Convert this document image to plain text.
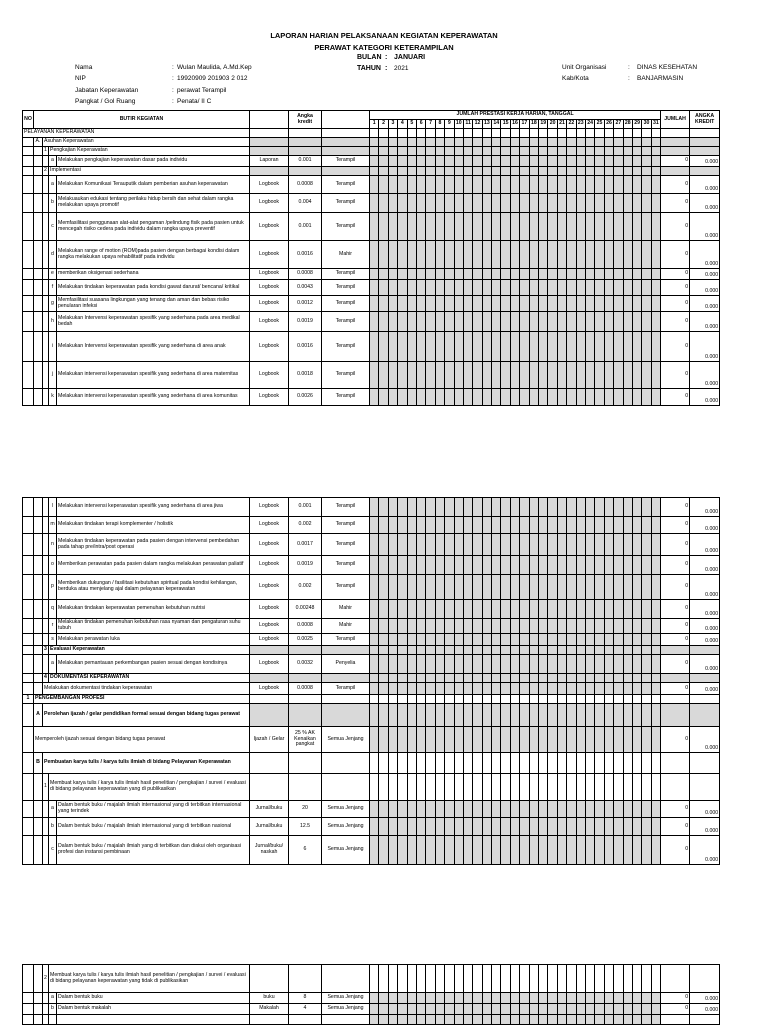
LAPORAN HARIAN PELAKSANAAN KEGIATAN KEPERAWATAN
PERAWAT KATEGORI KETERAMPILAN
BULAN : JANUARI
TAHUN : 2021
Nama	: Wulan Maulida, A.Md.Kep
NIP	: 19920909 201903 2 012
Jabatan Keperawatan	: perawat Terampil
Pangkat / Gol Ruang	: Penata/ II C
Unit Organisasi	: DINAS KESEHATAN
Kab/Kota	: BANJARMASIN
NO	BUTIR KEGIATAN					Angka kredit		JUMLAH PRESTASI KERJA HARIAN, TANGGAL																															JUMLAH	ANGKA KREDIT
								1	2	3	4	5	6	7	8	9	10	11	12	13	14	15	16	17	18	19	20	21	22	23	24	25	26	27	28	29	30	31		
PELAYANAN KEPERAWATAN																																								
	A.	Asuhan Keperawatan																																						
		1	Pengkajian Keperawatan																																					
			a	Melakukan pengkajian keperawatan dasar pada individu	Laporan	0.001	Terampil																																0	0.000
		2	Implementasi																																					
			a	Melakukan Komunikasi Terauputik dalam pemberian asuhan keperawatan	Logbook	0.0008	Terampil																																0	0.000
			b	Melakuaukan edukasi tentang perilaku hidup bersih dan sehat dalam rangka melakukan upaya promotif	Logbook	0.004	Terampil																																0	0.000
			c	Memfasilitasi penggunaan alat-alat pengaman /pelindung fisik pada pasien untuk mencegah risiko cedera pada individu dalam rangka upaya preventif	Logbook	0.001	Terampil																																0	0.000
			d	Melakukan range of motion (ROM)pada pasien dengan berbagai kondisi dalam rangka melakukan upaya rehabilitatif pada individu	Logbook	0.0016	Mahir																																0	0.000
			e	memberikan oksigenasi sederhana	Logbook	0.0008	Terampil																																0	0.000
			f	Melakukan tindakan keperawatan pada kondisi gawat darurat/ bencana/ kritikal	Logbook	0.0043	Terampil																																0	0.000
			g	Memfasilitasi suasana lingkungan yang tenang dan aman dan bebas risiko penularan infeksi	Logbook	0.0012	Terampil																																0	0.000
			h	Melakukan Intervensi keperawatan spesifik yang sederhana pada area medikal bedah	Logbook	0.0019	Terampil																																0	0.000
			i	Melakukan Intervensi keperawatan spesifik yang sederhana di area anak	Logbook	0.0016	Terampil																																0	0.000
			j	Melakukan intervensi keperawatan spesifik yang sederhana di area maternitas	Logbook	0.0018	Terampil																																0	0.000
			k	Melakukan intervensi keperawatan spesifik yang sederhana di area komunitas	Logbook	0.0026	Terampil																																0	0.000
			l	Melakukan intervensi keperawatan spesifik yang sederhana di area jiwa	Logbook	0.001	Terampil																																0	0.000
			m	Melakukan tindakan terapi komplementer / holistik	Logbook	0.002	Terampil																																0	0.000
			n	Melakukan tindakan keperawatan pada pasien dengan intervensi pembedahan pada tahap pre/intra/post operasi	Logbook	0.0017	Terampil																																0	0.000
			o	Memberikan perawatan pada pasien dalam rangka melakukan perawatan paliatif	Logbook	0.0019	Terampil																																0	0.000
			p	Memberikan dukungan / fasilitasi kebutuhan spiritual pada kondisi kehilangan, berduka atau menjelang ajal dalam pelayanan keperawatan	Logbook	0.002	Terampil																																0	0.000
			q	Melakukan tindakan keperawatan pemenuhan kebutuhan nutrisi	Logbook	0.00248	Mahir																																0	0.000
			r	Melakukan tindakan pemenuhan kebutuhan rasa nyaman dan pengaturan suhu tubuh	Logbook	0.0008	Mahir																																0	0.000
			s	Melakukan perawatan luka	Logbook	0.0025	Terampil																																0	0.000
		3	Evaluasi Keperawatan																																					
			a	Melakukan pemantauan perkembangan pasien sesuai dengan kondisinya	Logbook	0.0032	Penyelia																																0	0.000
		4	DOKUMENTASI KEPERAWATAN																																					
		Melakukan dokumentasi tindakan keperawatan			Logbook	0.0008	Terampil																																0	0.000
1	PENGEMBANGAN PROFESI																																							
	A	Perolehan ijazah / gelar pendidikan formal sesuai dengan bidang tugas perawat																																						
	Memperoleh ijazah sesuai dengan bidang tugas perawat				Ijazah / Gelar	25 % AK Kenaikan pangkat	Semua Jenjang																																0	0.000
	B	Pembuatan karya tulis / karya tulis ilmiah di bidang Pelayanan Keperawatan																																						
		1	Membuat karya tulis / karya tulis ilmiah hasil penelitian / pengkajian / survei / evaluasi di bidang pelayanan keperawatan yang di publikasikan																																					
			a	Dalam bentuk buku / majalah ilmiah internasional yang di terbitkan internasional yang terindek	Jurnal/buku	20	Semua Jenjang																																0	0.000
			b	Dalam bentuk buku / majalah ilmiah internasional yang di terbitkan nasional	Jurnal/buku	12.5	Semua Jenjang																																0	0.000
			c	Dalam bentuk buku / majalah ilmiah yang di terbitkan dan diakui oleh organisasi profesi dan instansi pembinaan	Jurnal/buku/ naskah	6	Semua Jenjang																																0	0.000
		2	Membuat karya tulis / karya tulis ilmiah hasil penelitian / pengkajian / survei / evaluasi di bidang pelayanan keperawatan yang tidak di publikasikan																																					
			a	Dalam bentuk buku	buku	8	Semua Jenjang																																0	0.000
			b	Dalam bentuk makalah	Makalah	4	Semua Jenjang																																0	0.000
